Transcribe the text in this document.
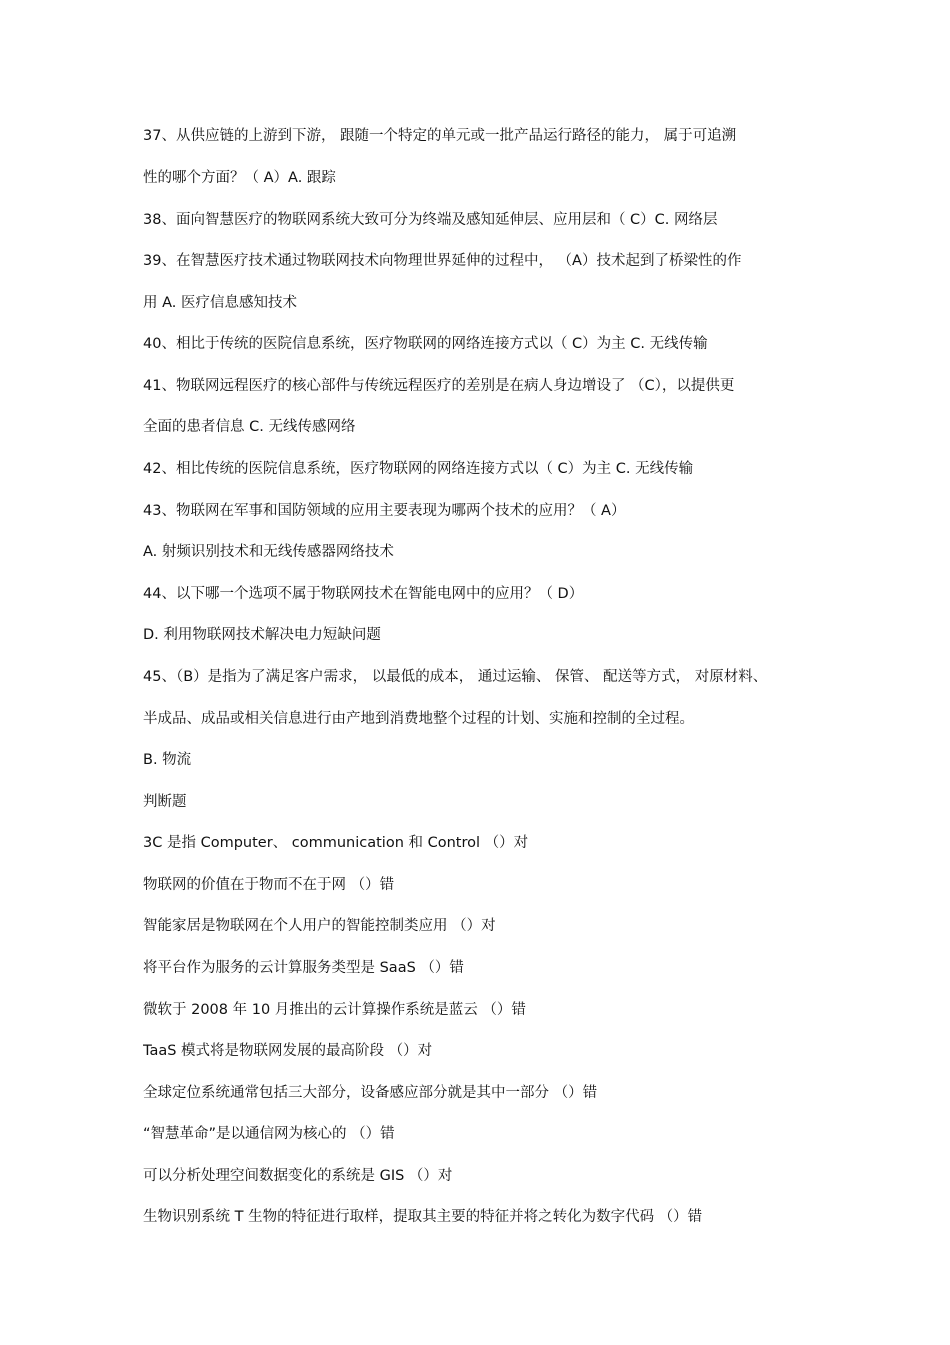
37、从供应链的上游到下游， 跟随一个特定的单元或一批产品运行路径的能力， 属于可追溯
性的哪个方面？（ A）A. 跟踪
38、面向智慧医疗的物联网系统大致可分为终端及感知延伸层、应用层和（ C）C. 网络层
39、在智慧医疗技术通过物联网技术向物理世界延伸的过程中， （A）技术起到了桥梁性的作
用 A. 医疗信息感知技术
40、相比于传统的医院信息系统，医疗物联网的网络连接方式以（ C）为主 C. 无线传输
41、物联网远程医疗的核心部件与传统远程医疗的差别是在病人身边增设了 （C），以提供更
全面的患者信息 C. 无线传感网络
42、相比传统的医院信息系统，医疗物联网的网络连接方式以（ C）为主 C. 无线传输
43、物联网在军事和国防领域的应用主要表现为哪两个技术的应用？（ A）
A. 射频识别技术和无线传感器网络技术
44、以下哪一个选项不属于物联网技术在智能电网中的应用？（ D）
D. 利用物联网技术解决电力短缺问题
45、（B）是指为了满足客户需求， 以最低的成本， 通过运输、 保管、 配送等方式， 对原材料、
半成品、成品或相关信息进行由产地到消费地整个过程的计划、实施和控制的全过程。
B. 物流
判断题
3C 是指 Computer、 communication 和 Control （）对
物联网的价值在于物而不在于网 （）错
智能家居是物联网在个人用户的智能控制类应用 （）对
将平台作为服务的云计算服务类型是 SaaS （）错
微软于 2008 年 10 月推出的云计算操作系统是蓝云 （）错
TaaS 模式将是物联网发展的最高阶段 （）对
全球定位系统通常包括三大部分，设备感应部分就是其中一部分 （）错
“智慧革命”是以通信网为核心的 （）错
可以分析处理空间数据变化的系统是 GIS （）对
生物识别系统 T 生物的特征进行取样，提取其主要的特征并将之转化为数字代码 （）错
